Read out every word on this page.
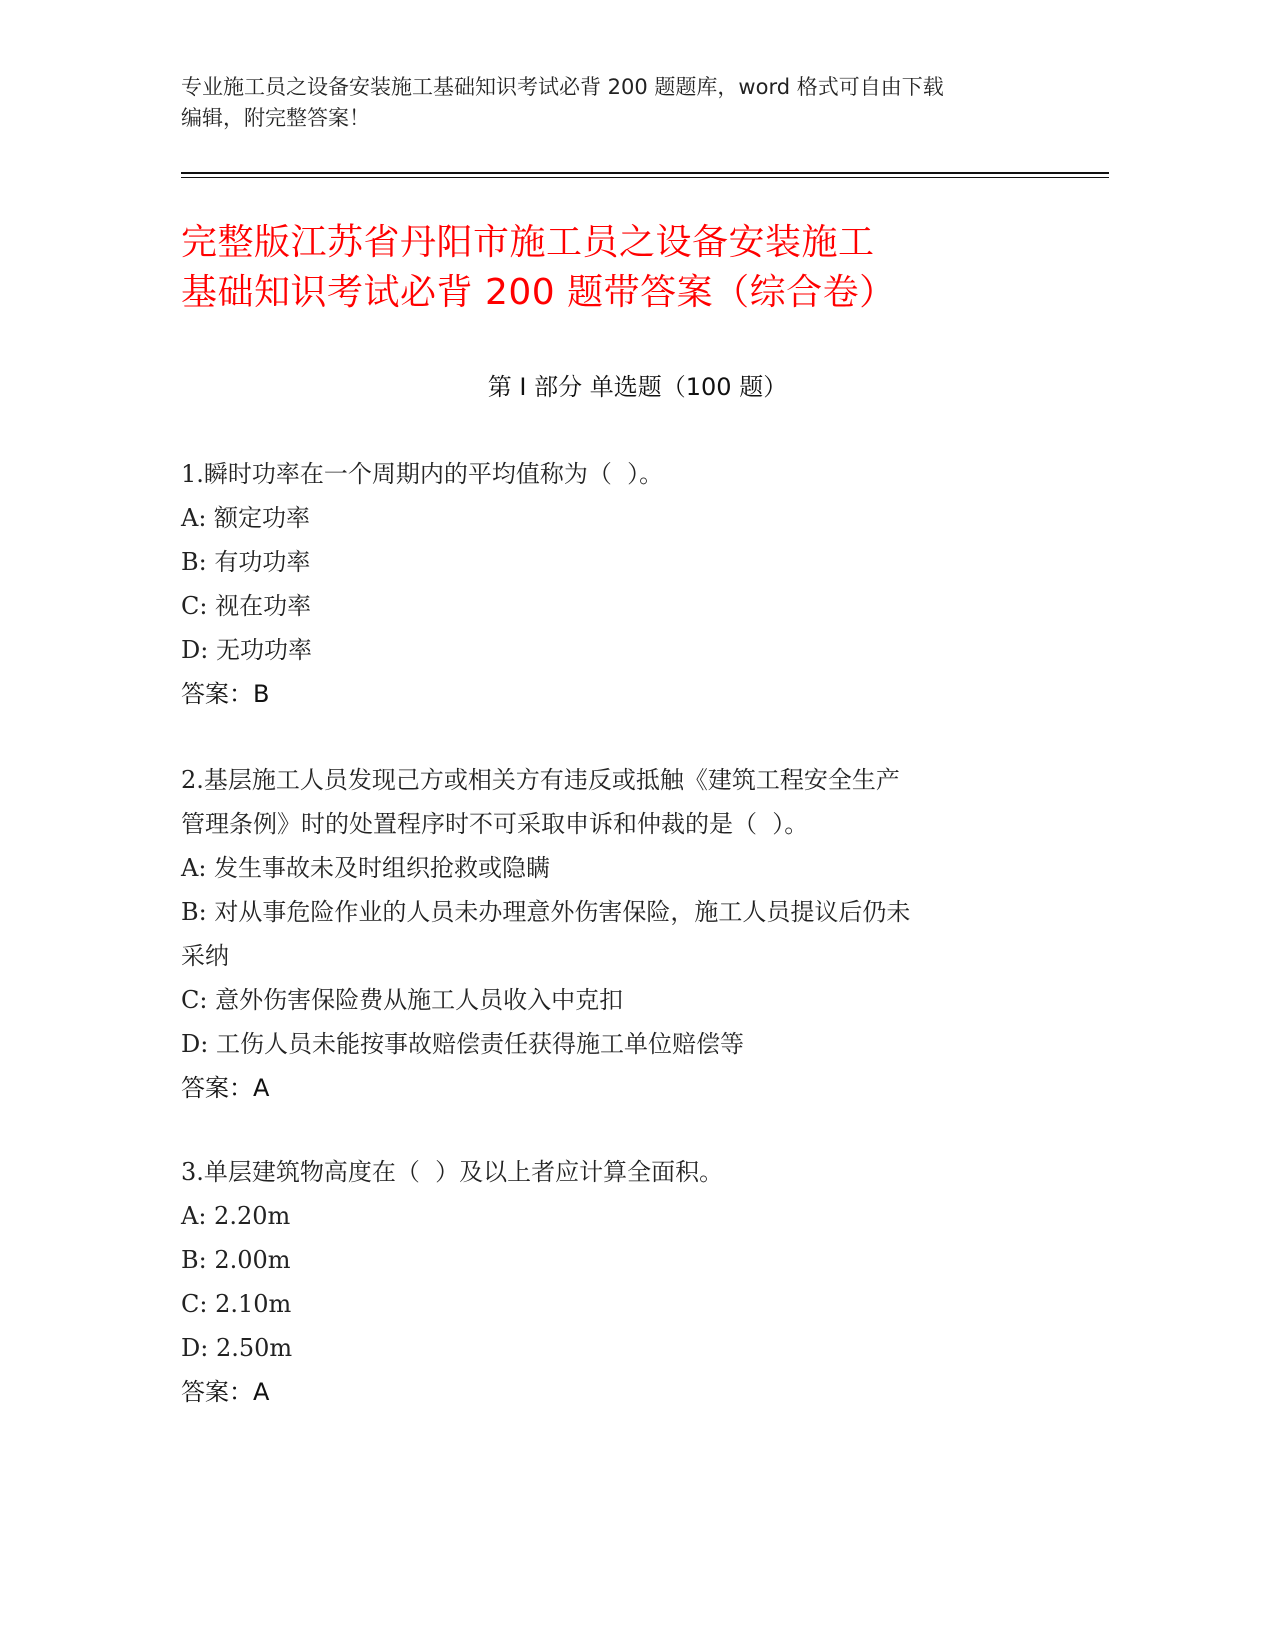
专业施工员之设备安装施工基础知识考试必背 200 题题库，word 格式可自由下载
编辑，附完整答案！
完整版江苏省丹阳市施工员之设备安装施工
基础知识考试必背 200 题带答案（综合卷）
第 I 部分 单选题（100 题）
1.瞬时功率在一个周期内的平均值称为（  ）。
A: 额定功率
B: 有功功率
C: 视在功率
D: 无功功率
答案：B
2.基层施工人员发现己方或相关方有违反或抵触《建筑工程安全生产
管理条例》时的处置程序时不可采取申诉和仲裁的是（  ）。
A: 发生事故未及时组织抢救或隐瞒
B: 对从事危险作业的人员未办理意外伤害保险，施工人员提议后仍未
采纳
C: 意外伤害保险费从施工人员收入中克扣
D: 工伤人员未能按事故赔偿责任获得施工单位赔偿等
答案：A
3.单层建筑物高度在（  ）及以上者应计算全面积。
A: 2.20m
B: 2.00m
C: 2.10m
D: 2.50m
答案：A
